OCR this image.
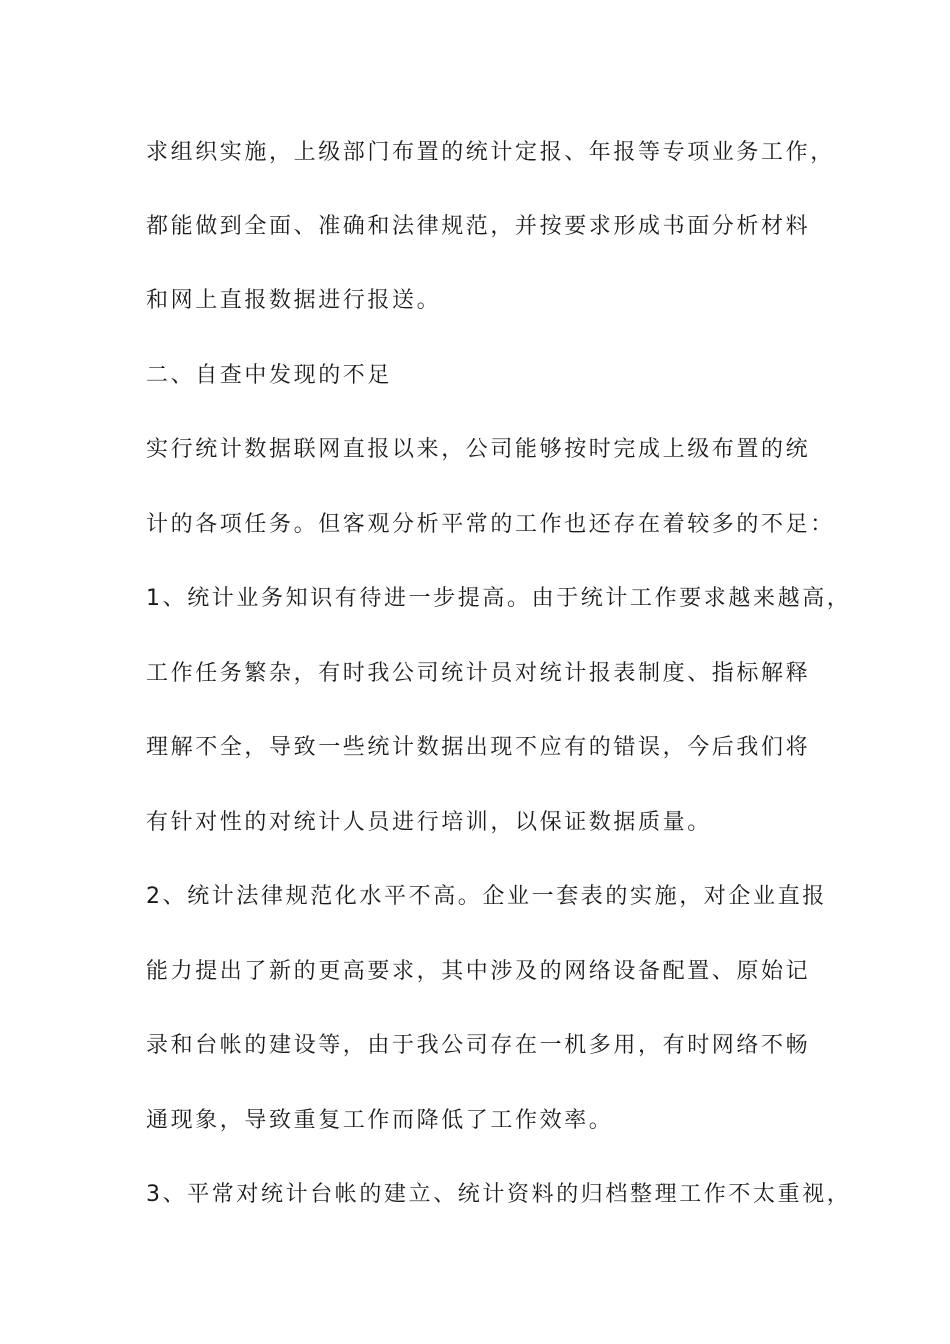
求组织实施，上级部门布置的统计定报、年报等专项业务工作，
都能做到全面、准确和法律规范，并按要求形成书面分析材料
和网上直报数据进行报送。
二、自查中发现的不足
实行统计数据联网直报以来，公司能够按时完成上级布置的统
计的各项任务。但客观分析平常的工作也还存在着较多的不足：
1、统计业务知识有待进一步提高。由于统计工作要求越来越高，
工作任务繁杂，有时我公司统计员对统计报表制度、指标解释
理解不全，导致一些统计数据出现不应有的错误，今后我们将
有针对性的对统计人员进行培训，以保证数据质量。
2、统计法律规范化水平不高。企业一套表的实施，对企业直报
能力提出了新的更高要求，其中涉及的网络设备配置、原始记
录和台帐的建设等，由于我公司存在一机多用，有时网络不畅
通现象，导致重复工作而降低了工作效率。
3、平常对统计台帐的建立、统计资料的归档整理工作不太重视，
